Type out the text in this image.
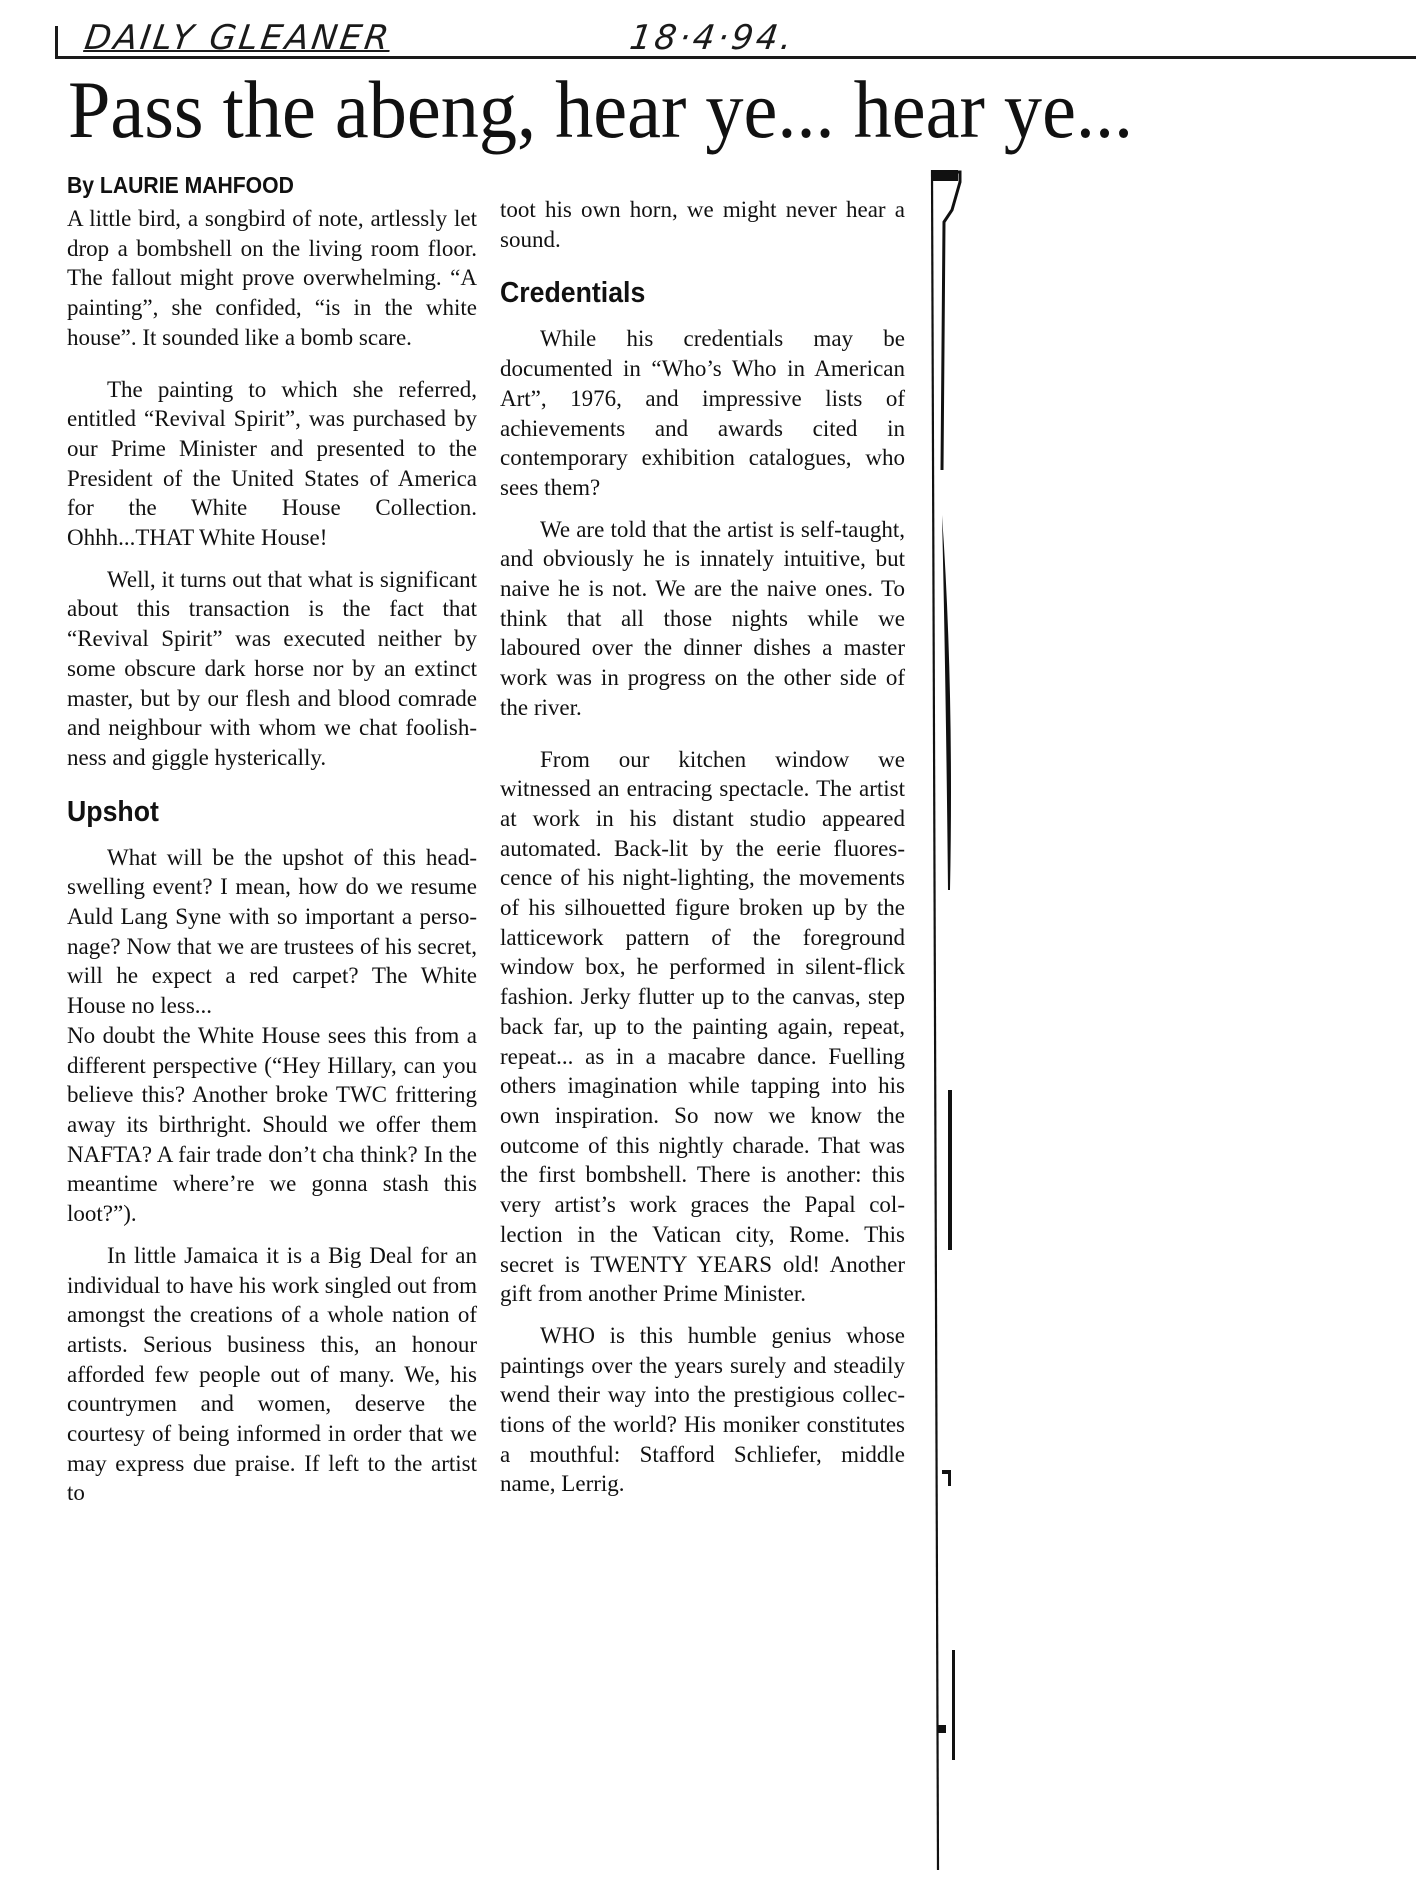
DAILY GLEANER	18·4·94.
Pass the abeng, hear ye... hear ye...
By LAURIE MAHFOOD

A little bird, a songbird of note, artlessly let drop a bombshell on the living room floor. The fallout might prove overwhelming. “A painting”, she confided, “is in the white house”. It sounded like a bomb scare.

The painting to which she referred, entitled “Revival Spirit”, was purchased by our Prime Minister and presented to the President of the United States of America for the White House Collection. Ohhh...THAT White House!

Well, it turns out that what is significant about this transaction is the fact that “Revival Spirit” was executed neither by some obscure dark horse nor by an extinct master, but by our flesh and blood comrade and neighbour with whom we chat foolishness and giggle hysterically.

Upshot

What will be the upshot of this head-swelling event? I mean, how do we resume Auld Lang Syne with so important a personage? Now that we are trustees of his secret, will he expect a red carpet? The White House no less...

No doubt the White House sees this from a different perspective (“Hey Hillary, can you believe this? Another broke TWC frittering away its birthright. Should we offer them NAFTA? A fair trade don’t cha think? In the meantime where’re we gonna stash this loot?”).

In little Jamaica it is a Big Deal for an individual to have his work singled out from amongst the creations of a whole nation of artists. Serious business this, an honour afforded few people out of many. We, his countrymen and women, deserve the courtesy of being informed in order that we may express due praise. If left to the artist to

toot his own horn, we might never hear a sound.

Credentials

While his credentials may be documented in “Who’s Who in American Art”, 1976, and impressive lists of achievements and awards cited in contemporary exhibition catalogues, who sees them?

We are told that the artist is self-taught, and obviously he is innately intuitive, but naive he is not. We are the naive ones. To think that all those nights while we laboured over the dinner dishes a master work was in progress on the other side of the river.

From our kitchen window we witnessed an entracing spectacle. The artist at work in his distant studio appeared automated. Back-lit by the eerie fluorescence of his night-lighting, the movements of his silhouetted figure broken up by the latticework pattern of the foreground window box, he performed in silent-flick fashion. Jerky flutter up to the canvas, step back far, up to the painting again, repeat, repeat... as in a macabre dance. Fuelling others imagination while tapping into his own inspiration. So now we know the outcome of this nightly charade. That was the first bombshell. There is another: this very artist’s work graces the Papal collection in the Vatican city, Rome. This secret is TWENTY YEARS old! Another gift from another Prime Minister.

WHO is this humble genius whose paintings over the years surely and steadily wend their way into the prestigious collections of the world? His moniker constitutes a mouthful: Stafford Schliefer, middle name, Lerrig.
